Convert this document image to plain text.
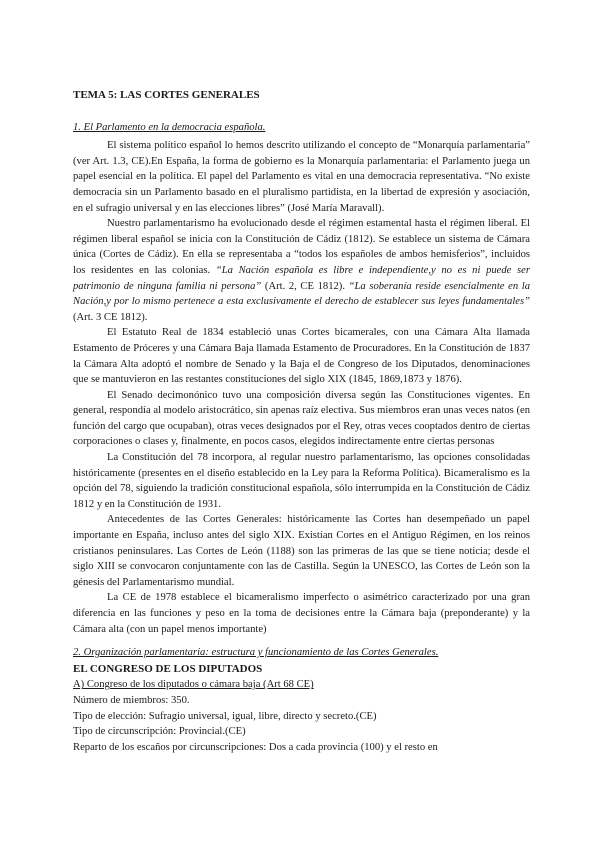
TEMA 5: LAS CORTES GENERALES

1. El Parlamento en la democracia española.

El sistema político español lo hemos descrito utilizando el concepto de “Monarquía parlamentaria” (ver Art. 1.3, CE).En España, la forma de gobierno es la Monarquía parlamentaria: el Parlamento juega un papel esencial en la política. El papel del Parlamento es vital en una democracia representativa. “No existe democracia sin un Parlamento basado en el pluralismo partidista, en la libertad de expresión y asociación, en el sufragio universal y en las elecciones libres” (José María Maravall).

Nuestro parlamentarismo ha evolucionado desde el régimen estamental hasta el régimen liberal. El régimen liberal español se inicia con la Constitución de Cádiz (1812). Se establece un sistema de Cámara única (Cortes de Cádiz). En ella se representaba a “todos los españoles de ambos hemisferios”, incluidos los residentes en las colonias. “La Nación española es libre e independiente,y no es ni puede ser patrimonio de ninguna familia ni persona” (Art. 2, CE 1812). “La soberanía reside esencialmente en la Nación,y por lo mismo pertenece a esta exclusivamente el derecho de establecer sus leyes fundamentales” (Art. 3 CE 1812).

El Estatuto Real de 1834 estableció unas Cortes bicamerales, con una Cámara Alta llamada Estamento de Próceres y una Cámara Baja llamada Estamento de Procuradores. En la Constitución de 1837 la Cámara Alta adoptó el nombre de Senado y la Baja el de Congreso de los Diputados, denominaciones que se mantuvieron en las restantes constituciones del siglo XIX (1845, 1869,1873 y 1876).

El Senado decimonónico tuvo una composición diversa según las Constituciones vigentes. En general, respondía al modelo aristocrático, sin apenas raíz electiva. Sus miembros eran unas veces natos (en función del cargo que ocupaban), otras veces designados por el Rey, otras veces cooptados dentro de ciertas corporaciones o clases y, finalmente, en pocos casos, elegidos indirectamente entre ciertas personas

La Constitución del 78 incorpora, al regular nuestro parlamentarismo, las opciones consolidadas históricamente (presentes en el diseño establecido en la Ley para la Reforma Política). Bicameralismo es la opción del 78, siguiendo la tradición constitucional española, sólo interrumpida en la Constitución de Cádiz 1812 y en la Constitución de 1931.

Antecedentes de las Cortes Generales: históricamente las Cortes han desempeñado un papel importante en España, incluso antes del siglo XIX. Existían Cortes en el Antiguo Régimen, en los reinos cristianos peninsulares. Las Cortes de León (1188) son las primeras de las que se tiene noticia; desde el siglo XIII se convocaron conjuntamente con las de Castilla. Según la UNESCO, las Cortes de León son la génesis del Parlamentarismo mundial.

La CE de 1978 establece el bicameralismo imperfecto o asimétrico caracterizado por una gran diferencia en las funciones y peso en la toma de decisiones entre la Cámara baja (preponderante) y la Cámara alta (con un papel menos importante)

2. Organización parlamentaria: estructura y funcionamiento de las Cortes Generales.

EL CONGRESO DE LOS DIPUTADOS

A) Congreso de los diputados o cámara baja (Art 68 CE)

Número de miembros: 350.

Tipo de elección: Sufragio universal, igual, libre, directo y secreto.(CE)

Tipo de circunscripción: Provincial.(CE)

Reparto de los escaños por circunscripciones: Dos a cada provincia (100) y el resto en
